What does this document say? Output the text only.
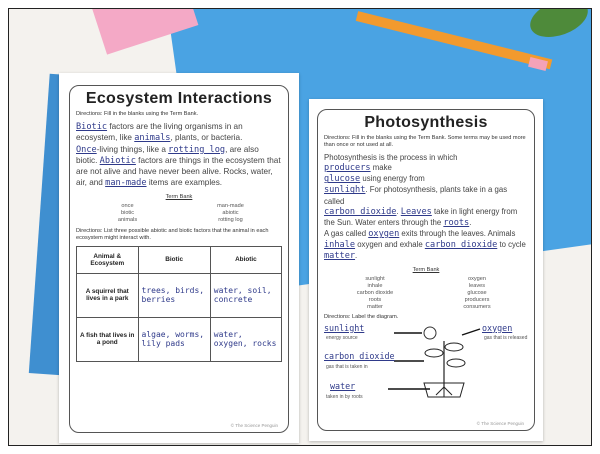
Ecosystem Interactions
Directions: Fill in the blanks using the Term Bank.
Biotic factors are the living organisms in an ecosystem, like animals, plants, or bacteria.
Once-living things, like a rotting log, are also biotic. Abiotic factors are things in the ecosystem that are not alive and have never been alive. Rocks, water, air, and man-made items are examples.
Term Bank
once	man-made
biotic	abiotic
animals	rotting log
Directions: List three possible abiotic and biotic factors that the animal in each ecosystem might interact with.
Animal & Ecosystem	Biotic	Abiotic
A squirrel that lives in a park	trees, birds, berries	water, soil, concrete
A fish that lives in a pond	algae, worms, lily pads	water, oxygen, rocks
© The Science Penguin
Photosynthesis
Directions: Fill in the blanks using the Term Bank. Some terms may be used more than once or not used at all.
Photosynthesis is the process in which
producers make
glucose using energy from
sunlight. For photosynthesis, plants take in a gas called
carbon dioxide. Leaves take in light energy from the Sun. Water enters through the roots.
A gas called oxygen exits through the leaves. Animals inhale oxygen and exhale carbon dioxide to cycle matter.
Term Bank
sunlight	oxygen
inhale	leaves
carbon dioxide	glucose
roots	producers
matter	consumers
Directions: Label the diagram.
sunlight
energy source
oxygen
gas that is released
carbon dioxide
gas that is taken in
water
taken in by roots
© The Science Penguin
